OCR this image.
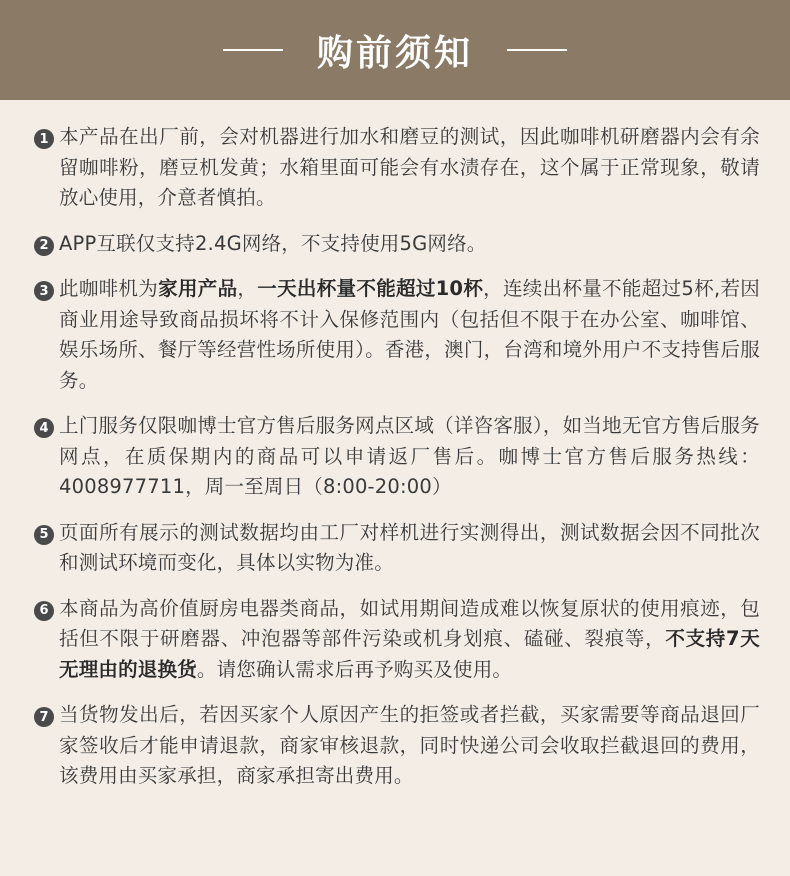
购前须知
1 本产品在出厂前，会对机器进行加水和磨豆的测试，因此咖啡机研磨器内会有余留咖啡粉，磨豆机发黄；水箱里面可能会有水渍存在，这个属于正常现象，敬请放心使用，介意者慎拍。
2 APP互联仅支持2.4G网络，不支持使用5G网络。
3 此咖啡机为家用产品，一天出杯量不能超过10杯，连续出杯量不能超过5杯,若因商业用途导致商品损坏将不计入保修范围内（包括但不限于在办公室、咖啡馆、娱乐场所、餐厅等经营性场所使用）。香港，澳门，台湾和境外用户不支持售后服务。
4 上门服务仅限咖博士官方售后服务网点区域（详咨客服），如当地无官方售后服务网点，在质保期内的商品可以申请返厂售后。咖博士官方售后服务热线：4008977711，周一至周日（8:00-20:00）
5 页面所有展示的测试数据均由工厂对样机进行实测得出，测试数据会因不同批次和测试环境而变化，具体以实物为准。
6 本商品为高价值厨房电器类商品，如试用期间造成难以恢复原状的使用痕迹，包括但不限于研磨器、冲泡器等部件污染或机身划痕、磕碰、裂痕等，不支持7天无理由的退换货。请您确认需求后再予购买及使用。
7 当货物发出后，若因买家个人原因产生的拒签或者拦截，买家需要等商品退回厂家签收后才能申请退款，商家审核退款，同时快递公司会收取拦截退回的费用，该费用由买家承担，商家承担寄出费用。
